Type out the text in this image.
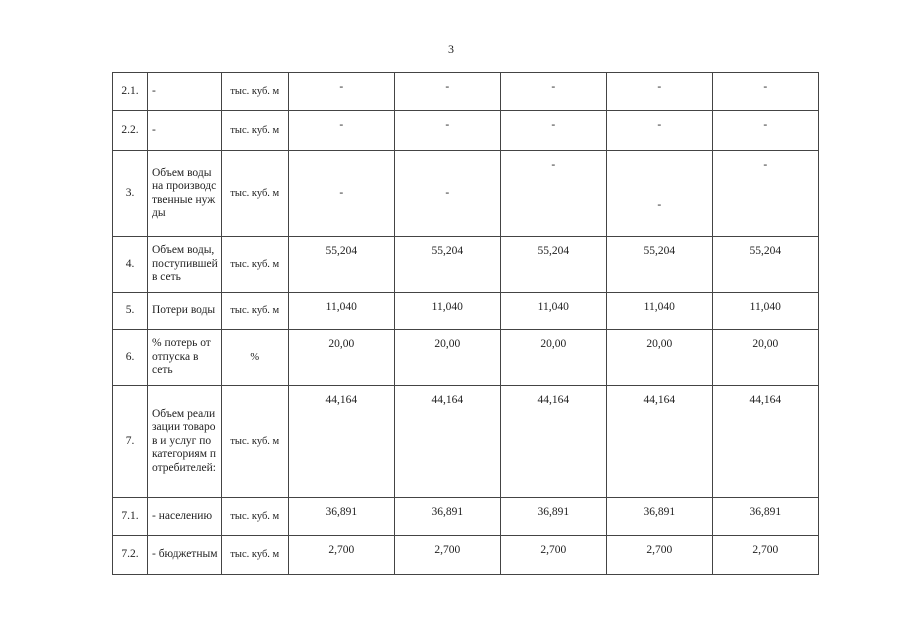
3
2.1.	-	тыс. куб. м	-	-	-	-	-
2.2.	-	тыс. куб. м	-	-	-	-	-
3.	Объем воды на производственные нужды	тыс. куб. м	-	-	-	-	-
4.	Объем воды, поступившей в сеть	тыс. куб. м	55,204	55,204	55,204	55,204	55,204
5.	Потери воды	тыс. куб. м	11,040	11,040	11,040	11,040	11,040
6.	% потерь от отпуска в сеть	%	20,00	20,00	20,00	20,00	20,00
7.	Объем реализации товаров и услуг по категориям потребителей:	тыс. куб. м	44,164	44,164	44,164	44,164	44,164
7.1.	- населению	тыс. куб. м	36,891	36,891	36,891	36,891	36,891
7.2.	- бюджетным	тыс. куб. м	2,700	2,700	2,700	2,700	2,700
